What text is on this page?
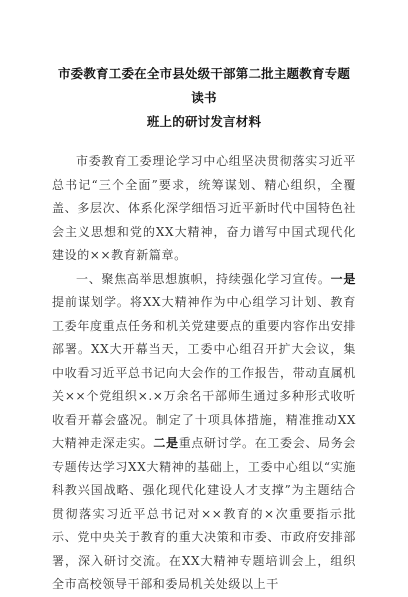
市委教育工委在全市县处级干部第二批主题教育专题读书
班上的研讨发言材料

市委教育工委理论学习中心组坚决贯彻落实习近平总书记“三个全面”要求，统筹谋划、精心组织，全覆盖、多层次、体系化深学细悟习近平新时代中国特色社会主义思想和党的XX大精神，奋力谱写中国式现代化建设的××教育新篇章。

一、聚焦高举思想旗帜，持续强化学习宣传。一是提前谋划学。将XX大精神作为中心组学习计划、教育工委年度重点任务和机关党建要点的重要内容作出安排部署。XX大开幕当天，工委中心组召开扩大会议，集中收看习近平总书记向大会作的工作报告，带动直属机关××个党组织×.×万余名干部师生通过多种形式收听收看开幕会盛况。制定了十项具体措施，精准推动XX大精神走深走实。二是重点研讨学。在工委会、局务会专题传达学习XX大精神的基础上，工委中心组以“实施科教兴国战略、强化现代化建设人才支撑”为主题结合贯彻落实习近平总书记对××教育的×次重要指示批示、党中央关于教育的重大决策和市委、市政府安排部署，深入研讨交流。在XX大精神专题培训会上，组织全市高校领导干部和委局机关处级以上干
